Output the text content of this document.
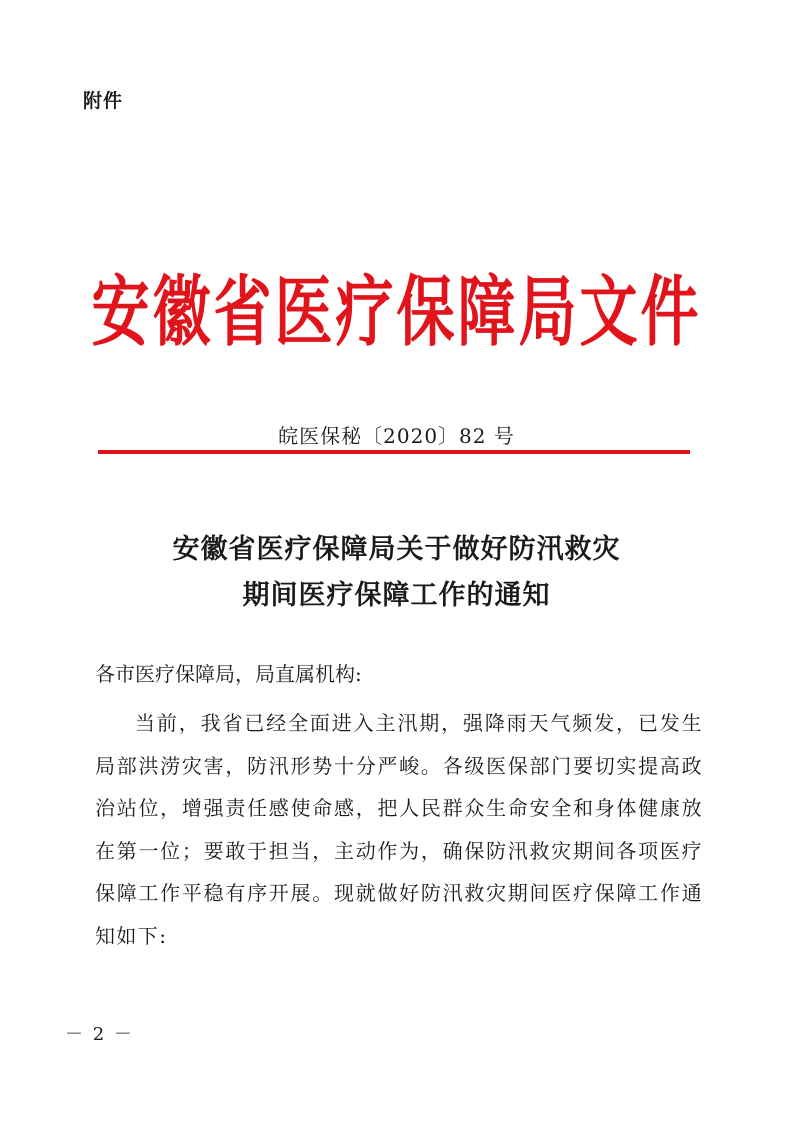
附件
安徽省医疗保障局文件
皖医保秘〔2020〕82 号
安徽省医疗保障局关于做好防汛救灾
期间医疗保障工作的通知
各市医疗保障局，局直属机构:

当前，我省已经全面进入主汛期，强降雨天气频发，已发生局部洪涝灾害，防汛形势十分严峻。各级医保部门要切实提高政治站位，增强责任感使命感，把人民群众生命安全和身体健康放在第一位；要敢于担当，主动作为，确保防汛救灾期间各项医疗保障工作平稳有序开展。现就做好防汛救灾期间医疗保障工作通知如下:

－ 2 －
